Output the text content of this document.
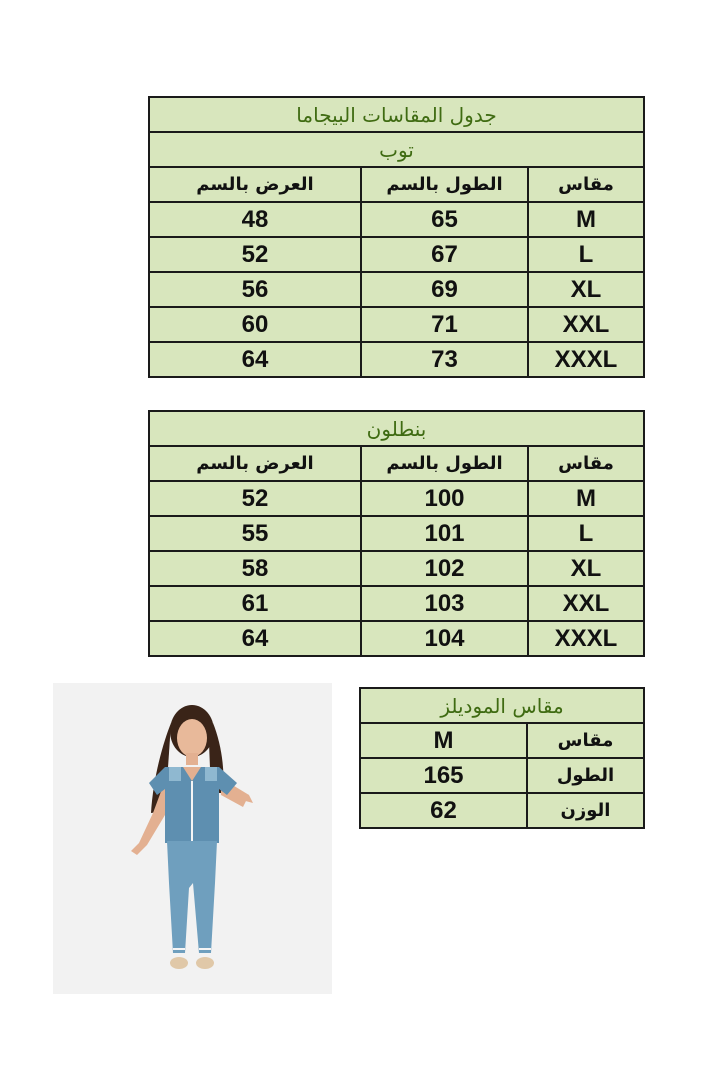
جدول المقاسات البيجاما		
توب		
العرض بالسم	الطول بالسم	مقاس
48	65	M
52	67	L
56	69	XL
60	71	XXL
64	73	XXXL
بنطلون		
العرض بالسم	الطول بالسم	مقاس
52	100	M
55	101	L
58	102	XL
61	103	XXL
64	104	XXXL
مقاس الموديلز	
M	مقاس
165	الطول
62	الوزن
